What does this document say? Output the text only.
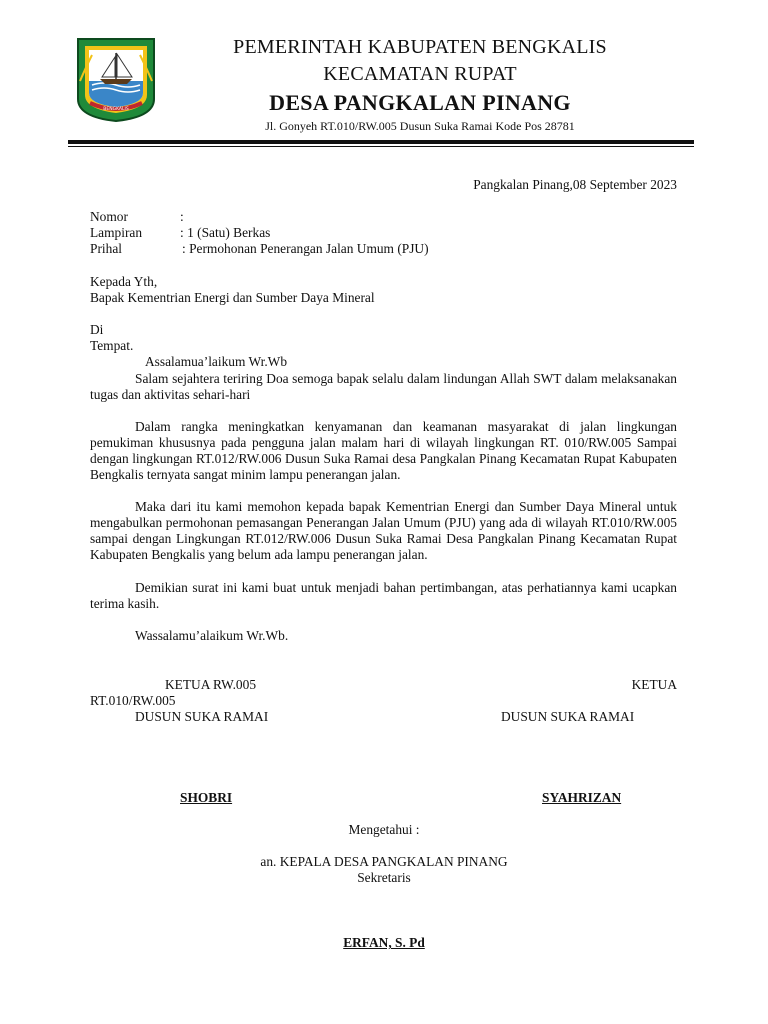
BENGKALIS
PEMERINTAH KABUPATEN BENGKALIS
KECAMATAN RUPAT
DESA PANGKALAN PINANG
Jl. Gonyeh RT.010/RW.005 Dusun Suka Ramai Kode Pos 28781
Pangkalan Pinang,08 September 2023
Nomor	:
Lampiran	: 1 (Satu) Berkas
Prihal	: Permohonan Penerangan Jalan Umum (PJU)
Kepada Yth,
Bapak Kementrian Energi dan Sumber Daya Mineral
Di
Tempat.
Assalamua’laikum Wr.Wb
Salam sejahtera teriring Doa semoga bapak selalu dalam lindungan Allah SWT dalam melaksanakan tugas dan aktivitas sehari-hari
Dalam rangka meningkatkan kenyamanan dan keamanan masyarakat di jalan lingkungan pemukiman khususnya pada pengguna jalan malam hari di wilayah lingkungan RT. 010/RW.005 Sampai dengan lingkungan RT.012/RW.006 Dusun Suka Ramai desa Pangkalan Pinang Kecamatan Rupat Kabupaten Bengkalis ternyata sangat minim lampu penerangan jalan.
Maka dari itu kami memohon kepada bapak Kementrian Energi dan Sumber Daya Mineral untuk mengabulkan permohonan pemasangan Penerangan Jalan Umum (PJU) yang ada di wilayah RT.010/RW.005 sampai dengan Lingkungan RT.012/RW.006 Dusun Suka Ramai Desa Pangkalan Pinang Kecamatan Rupat Kabupaten Bengkalis yang belum ada lampu penerangan jalan.
Demikian surat ini kami buat untuk menjadi bahan pertimbangan, atas perhatiannya kami ucapkan terima kasih.
Wassalamu’alaikum Wr.Wb.
KETUA RW.005	KETUA
RT.010/RW.005
DUSUN SUKA RAMAI	DUSUN SUKA RAMAI
SHOBRI	SYAHRIZAN
Mengetahui :
an. KEPALA DESA PANGKALAN PINANG
Sekretaris
ERFAN, S. Pd
